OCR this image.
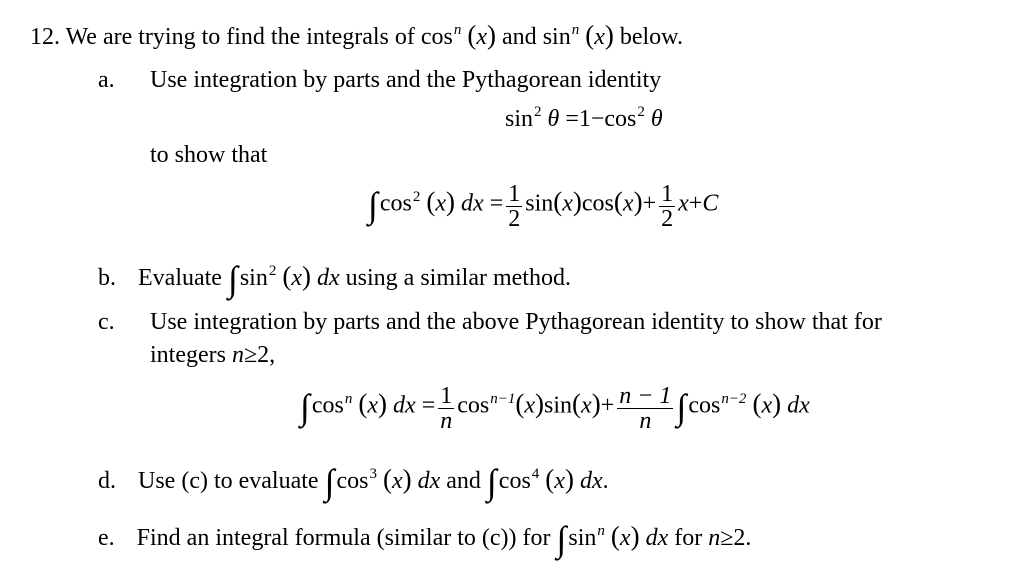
12. We are trying to find the integrals of $\cos^n (x)$ and $\sin^n (x)$ below.
a. Use integration by parts and the Pythagorean identity
$\sin^2 \theta =1-\cos^2$ θ
to show that
$\int\cos^2$ (x) dx = $\frac{1}{2} \sin(x)\cos(x)+ \frac{1}{2} x+C$
b. Evaluate $\int\sin^2$ (x) dx using a similar method.
c. Use integration by parts and the above Pythagorean identity to show that for
integers n≥2,
$\int\cos^n$ (x) dx = $\frac{1}{n} \cos^{n-1}(x)\sin(x)+ \frac{n - 1}{n} \int\cos^{n-2}$ (x) dx
d. Use (c) to evaluate $\int\cos^3$ (x) dx and $\int\cos^4$ (x) dx.
e. Find an integral formula (similar to (c)) for $\int\sin^n$ (x) dx for n≥2.
